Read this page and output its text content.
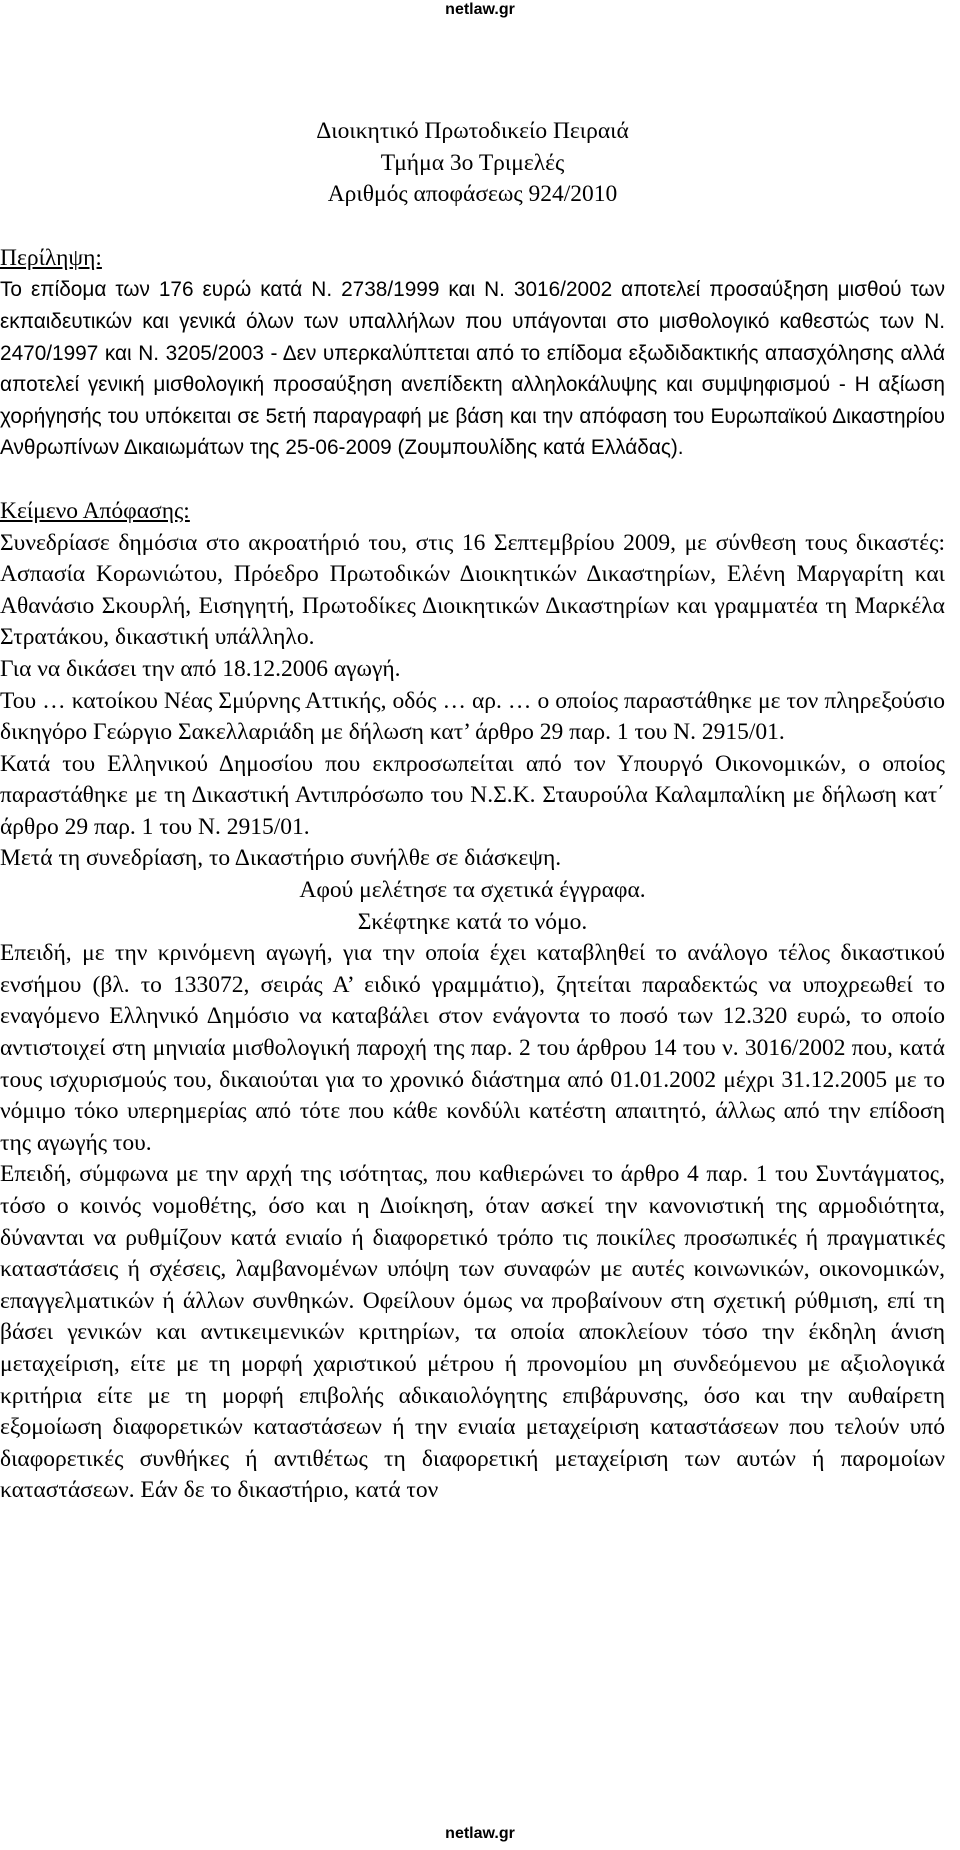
netlaw.gr
Διοικητικό Πρωτοδικείο Πειραιά
Τμήμα 3ο Τριμελές
Αριθμός αποφάσεως 924/2010
Περίληψη:

Το επίδομα των 176 ευρώ κατά Ν. 2738/1999 και Ν. 3016/2002 αποτελεί προσαύξηση μισθού των εκπαιδευτικών και γενικά όλων των υπαλλήλων που υπάγονται στο μισθολογικό καθεστώς των Ν. 2470/1997 και Ν. 3205/2003 - Δεν υπερκαλύπτεται από το επίδομα εξωδιδακτικής απασχόλησης αλλά αποτελεί γενική μισθολογική προσαύξηση ανεπίδεκτη αλληλοκάλυψης και συμψηφισμού - Η αξίωση χορήγησής του υπόκειται σε 5ετή παραγραφή με βάση και την απόφαση του Ευρωπαϊκού Δικαστηρίου Ανθρωπίνων Δικαιωμάτων της 25-06-2009 (Ζουμπουλίδης κατά Ελλάδας).

Κείμενο Απόφασης:

Συνεδρίασε δημόσια στο ακροατήριό του, στις 16 Σεπτεμβρίου 2009, με σύνθεση τους δικαστές: Ασπασία Κορωνιώτου, Πρόεδρο Πρωτοδικών Διοικητικών Δικαστηρίων, Ελένη Μαργαρίτη και Αθανάσιο Σκουρλή, Εισηγητή, Πρωτοδίκες Διοικητικών Δικαστηρίων και γραμματέα τη Μαρκέλα Στρατάκου, δικαστική υπάλληλο.

Για να δικάσει την από 18.12.2006 αγωγή.

Του … κατοίκου Νέας Σμύρνης Αττικής, οδός … αρ. … ο οποίος παραστάθηκε με τον πληρεξούσιο δικηγόρο Γεώργιο Σακελλαριάδη με δήλωση κατ’ άρθρο 29 παρ. 1 του Ν. 2915/01.

Κατά του Ελληνικού Δημοσίου που εκπροσωπείται από τον Υπουργό Οικονομικών, ο οποίος παραστάθηκε με τη Δικαστική Αντιπρόσωπο του Ν.Σ.Κ. Σταυρούλα Καλαμπαλίκη με δήλωση κατ΄ άρθρο 29 παρ. 1 του Ν. 2915/01.

Μετά τη συνεδρίαση, το Δικαστήριο συνήλθε σε διάσκεψη.

Αφού μελέτησε τα σχετικά έγγραφα.

Σκέφτηκε κατά το νόμο.

Επειδή, με την κρινόμενη αγωγή, για την οποία έχει καταβληθεί το ανάλογο τέλος δικαστικού ενσήμου (βλ. το 133072, σειράς Α’ ειδικό γραμμάτιο), ζητείται παραδεκτώς να υποχρεωθεί το εναγόμενο Ελληνικό Δημόσιο να καταβάλει στον ενάγοντα το ποσό των 12.320 ευρώ, το οποίο αντιστοιχεί στη μηνιαία μισθολογική παροχή της παρ. 2 του άρθρου 14 του ν. 3016/2002 που, κατά τους ισχυρισμούς του, δικαιούται για το χρονικό διάστημα από 01.01.2002 μέχρι 31.12.2005 με το νόμιμο τόκο υπερημερίας από τότε που κάθε κονδύλι κατέστη απαιτητό, άλλως από την επίδοση της αγωγής του.

Επειδή, σύμφωνα με την αρχή της ισότητας, που καθιερώνει το άρθρο 4 παρ. 1 του Συντάγματος, τόσο ο κοινός νομοθέτης, όσο και η Διοίκηση, όταν ασκεί την κανονιστική της αρμοδιότητα, δύνανται να ρυθμίζουν κατά ενιαίο ή διαφορετικό τρόπο τις ποικίλες προσωπικές ή πραγματικές καταστάσεις ή σχέσεις, λαμβανομένων υπόψη των συναφών με αυτές κοινωνικών, οικονομικών, επαγγελματικών ή άλλων συνθηκών. Οφείλουν όμως να προβαίνουν στη σχετική ρύθμιση, επί τη βάσει γενικών και αντικειμενικών κριτηρίων, τα οποία αποκλείουν τόσο την έκδηλη άνιση μεταχείριση, είτε με τη μορφή χαριστικού μέτρου ή προνομίου μη συνδεόμενου με αξιολογικά κριτήρια είτε με τη μορφή επιβολής αδικαιολόγητης επιβάρυνσης, όσο και την αυθαίρετη εξομοίωση διαφορετικών καταστάσεων ή την ενιαία μεταχείριση καταστάσεων που τελούν υπό διαφορετικές συνθήκες ή αντιθέτως τη διαφορετική μεταχείριση των αυτών ή παρομοίων καταστάσεων. Εάν δε το δικαστήριο, κατά τον

netlaw.gr
